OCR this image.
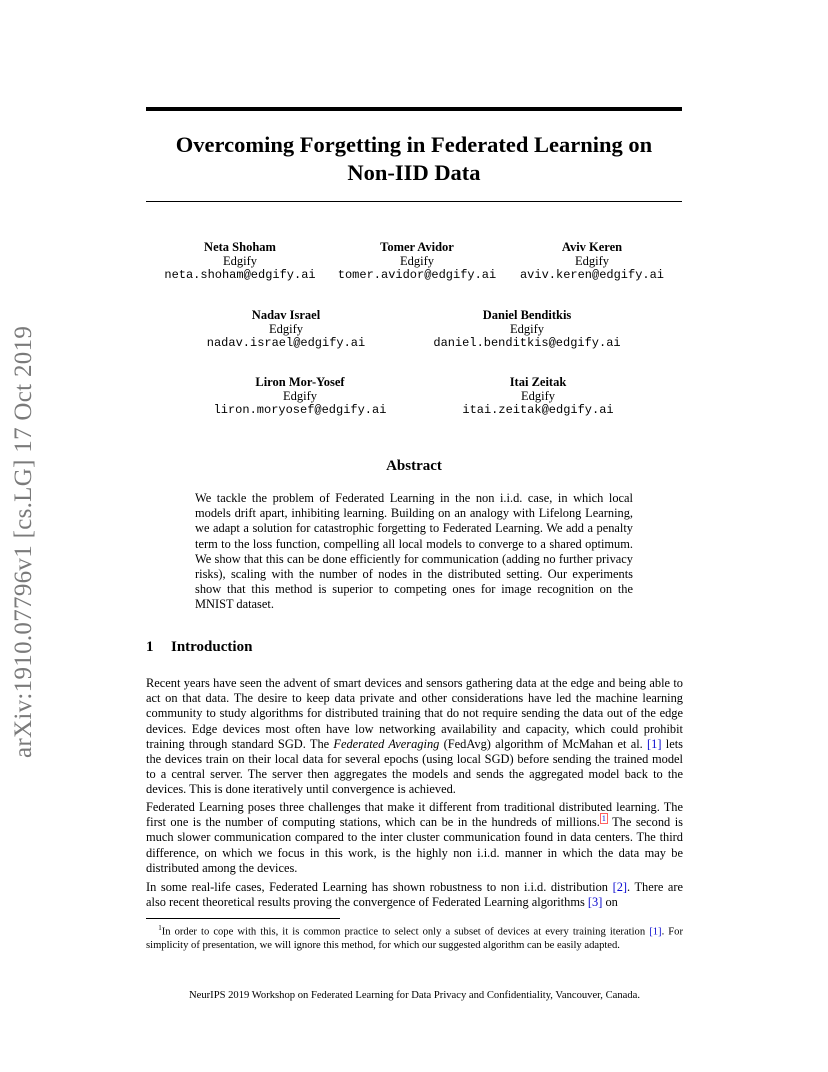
arXiv:1910.07796v1 [cs.LG] 17 Oct 2019
Overcoming Forgetting in Federated Learning on
Non-IID Data
Neta Shoham
Edgify
neta.shoham@edgify.ai
Tomer Avidor
Edgify
tomer.avidor@edgify.ai
Aviv Keren
Edgify
aviv.keren@edgify.ai
Nadav Israel
Edgify
nadav.israel@edgify.ai
Daniel Benditkis
Edgify
daniel.benditkis@edgify.ai
Liron Mor-Yosef
Edgify
liron.moryosef@edgify.ai
Itai Zeitak
Edgify
itai.zeitak@edgify.ai
Abstract
We tackle the problem of Federated Learning in the non i.i.d. case, in which local models drift apart, inhibiting learning. Building on an analogy with Lifelong Learning, we adapt a solution for catastrophic forgetting to Federated Learning. We add a penalty term to the loss function, compelling all local models to converge to a shared optimum. We show that this can be done efficiently for communication (adding no further privacy risks), scaling with the number of nodes in the distributed setting. Our experiments show that this method is superior to competing ones for image recognition on the MNIST dataset.
1 Introduction

Recent years have seen the advent of smart devices and sensors gathering data at the edge and being able to act on that data. The desire to keep data private and other considerations have led the machine learning community to study algorithms for distributed training that do not require sending the data out of the edge devices. Edge devices most often have low networking availability and capacity, which could prohibit training through standard SGD. The Federated Averaging (FedAvg) algorithm of McMahan et al. [1] lets the devices train on their local data for several epochs (using local SGD) before sending the trained model to a central server. The server then aggregates the models and sends the aggregated model back to the devices. This is done iteratively until convergence is achieved.

Federated Learning poses three challenges that make it different from traditional distributed learning. The first one is the number of computing stations, which can be in the hundreds of millions. $^1$ The second is much slower communication compared to the inter cluster communication found in data centers. The third difference, on which we focus in this work, is the highly non i.i.d. manner in which the data may be distributed among the devices.

In some real-life cases, Federated Learning has shown robustness to non i.i.d. distribution [2]. There are also recent theoretical results proving the convergence of Federated Learning algorithms [3] on

$^1$In order to cope with this, it is common practice to select only a subset of devices at every training iteration [1]. For simplicity of presentation, we will ignore this method, for which our suggested algorithm can be easily adapted.
NeurIPS 2019 Workshop on Federated Learning for Data Privacy and Confidentiality, Vancouver, Canada.
